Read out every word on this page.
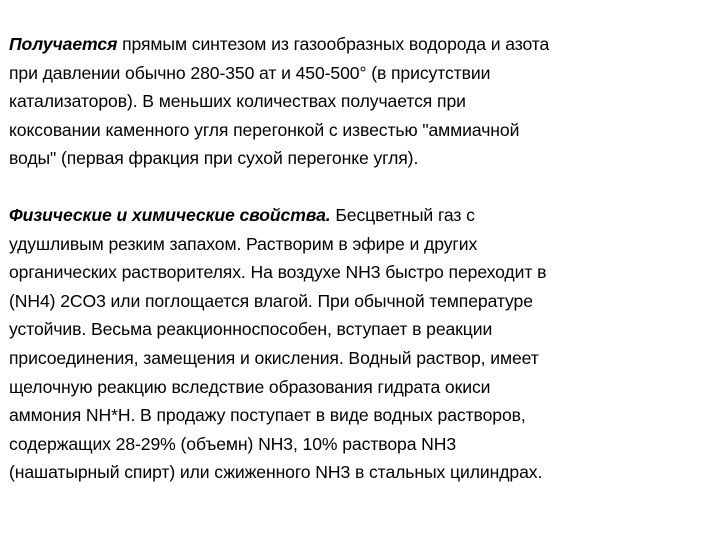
Получается прямым синтезом из газообразных водорода и азота
при давлении обычно 280-350 ат и 450-500° (в присутствии
катализаторов). В меньших количествах получается при
коксовании каменного угля перегонкой с известью "аммиачной
воды" (первая фракция при сухой перегонке угля).

Физические и химические свойства. Бесцветный газ с
удушливым резким запахом. Растворим в эфире и других
органических растворителях. На воздухе NH3 быстро переходит в
(NH4) 2CO3 или поглощается влагой. При обычной температуре
устойчив. Весьма реакционноспособен, вступает в реакции
присоединения, замещения и окисления. Водный раствор, имеет
щелочную реакцию вследствие образования гидрата окиси
аммония NH*H. В продажу поступает в виде водных растворов,
содержащих 28-29% (объемн) NH3, 10% раствора NH3
(нашатырный спирт) или сжиженного NH3 в стальных цилиндрах.
